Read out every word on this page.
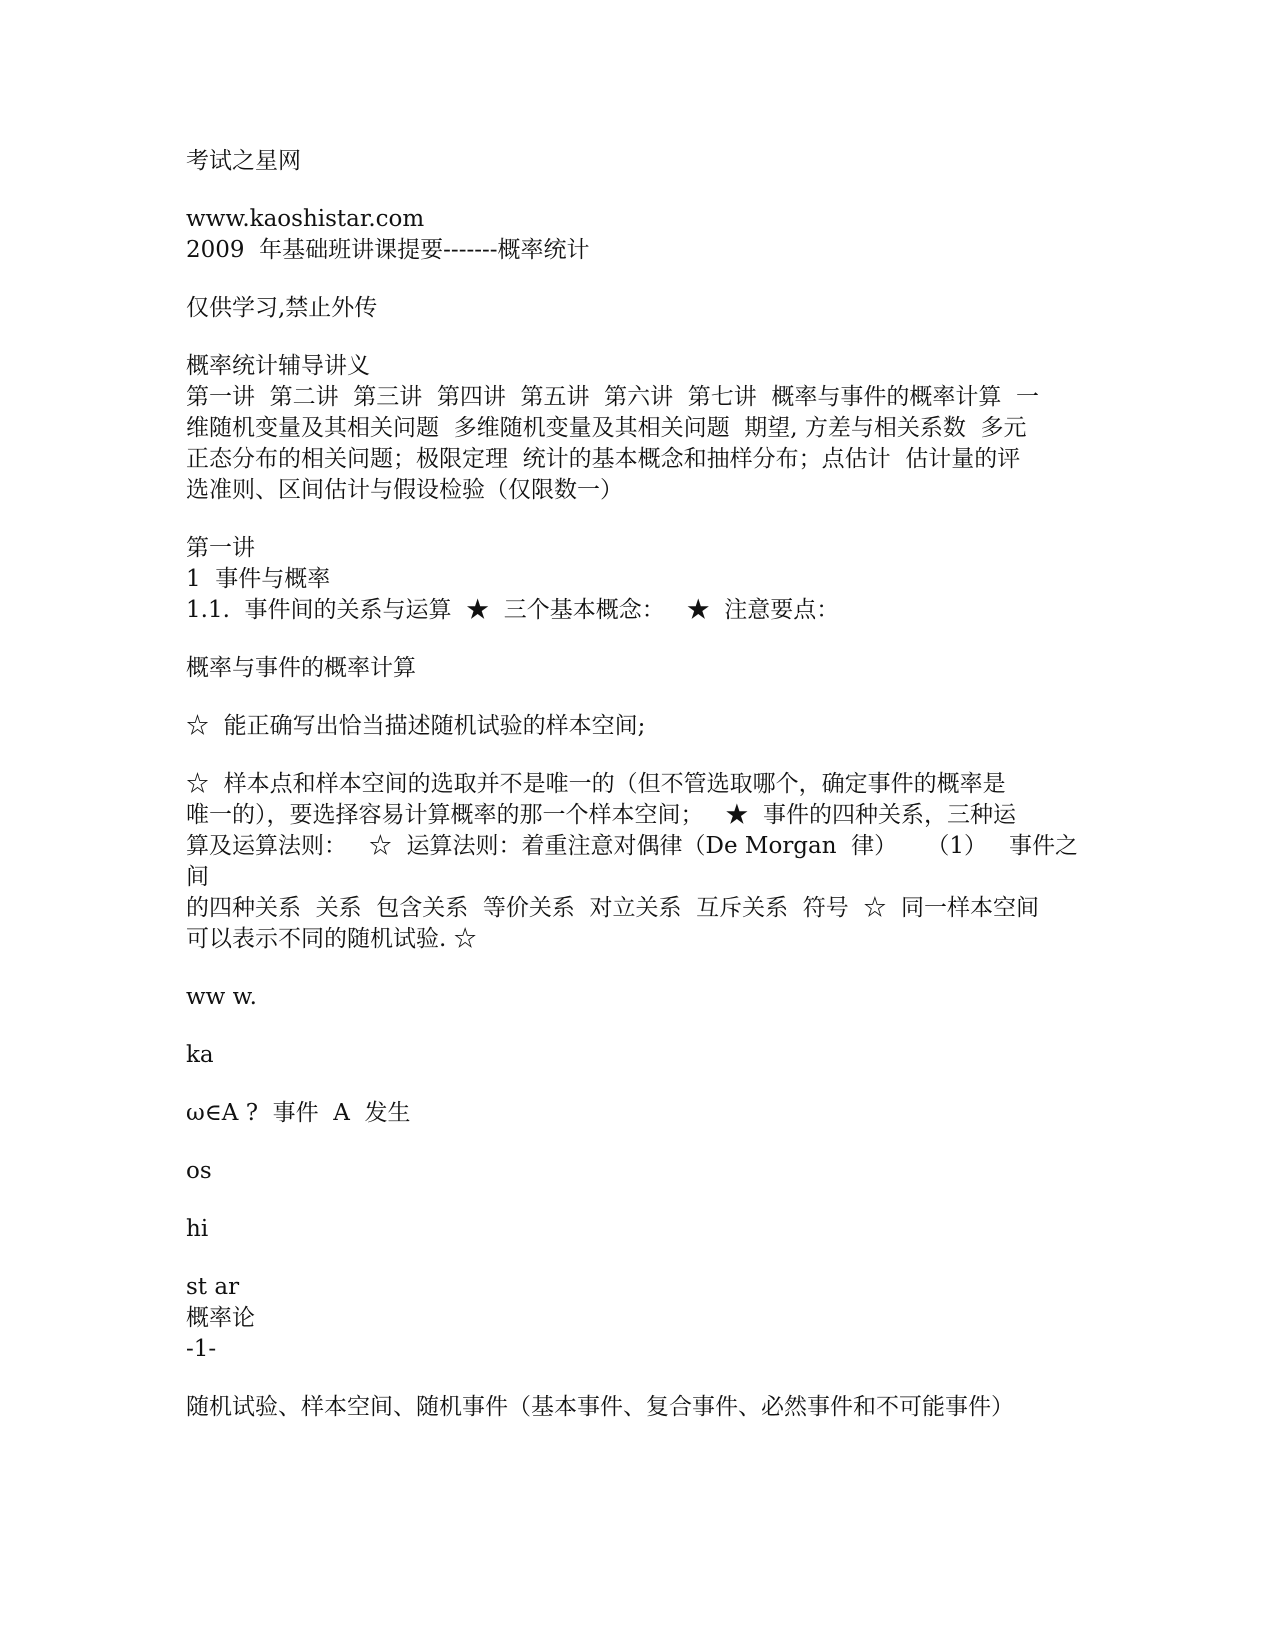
考试之星网
www.kaoshistar.com
2009  年基础班讲课提要-------概率统计
仅供学习,禁止外传
概率统计辅导讲义
第一讲  第二讲  第三讲  第四讲  第五讲  第六讲  第七讲  概率与事件的概率计算  一
维随机变量及其相关问题  多维随机变量及其相关问题  期望, 方差与相关系数  多元
正态分布的相关问题；极限定理  统计的基本概念和抽样分布；点估计  估计量的评
选准则、区间估计与假设检验（仅限数一）
第一讲
1  事件与概率
1.1.  事件间的关系与运算  ★  三个基本概念：   ★  注意要点：
概率与事件的概率计算
☆  能正确写出恰当描述随机试验的样本空间;
☆  样本点和样本空间的选取并不是唯一的（但不管选取哪个，确定事件的概率是
唯一的），要选择容易计算概率的那一个样本空间；   ★  事件的四种关系，三种运
算及运算法则：   ☆  运算法则：着重注意对偶律（De Morgan  律）    （1）   事件之间
的四种关系  关系  包含关系  等价关系  对立关系  互斥关系  符号  ☆  同一样本空间
可以表示不同的随机试验. ☆
ww w.
ka
ω∈A ?  事件  A  发生
os
hi
st ar
概率论
-1-
随机试验、样本空间、随机事件（基本事件、复合事件、必然事件和不可能事件）
